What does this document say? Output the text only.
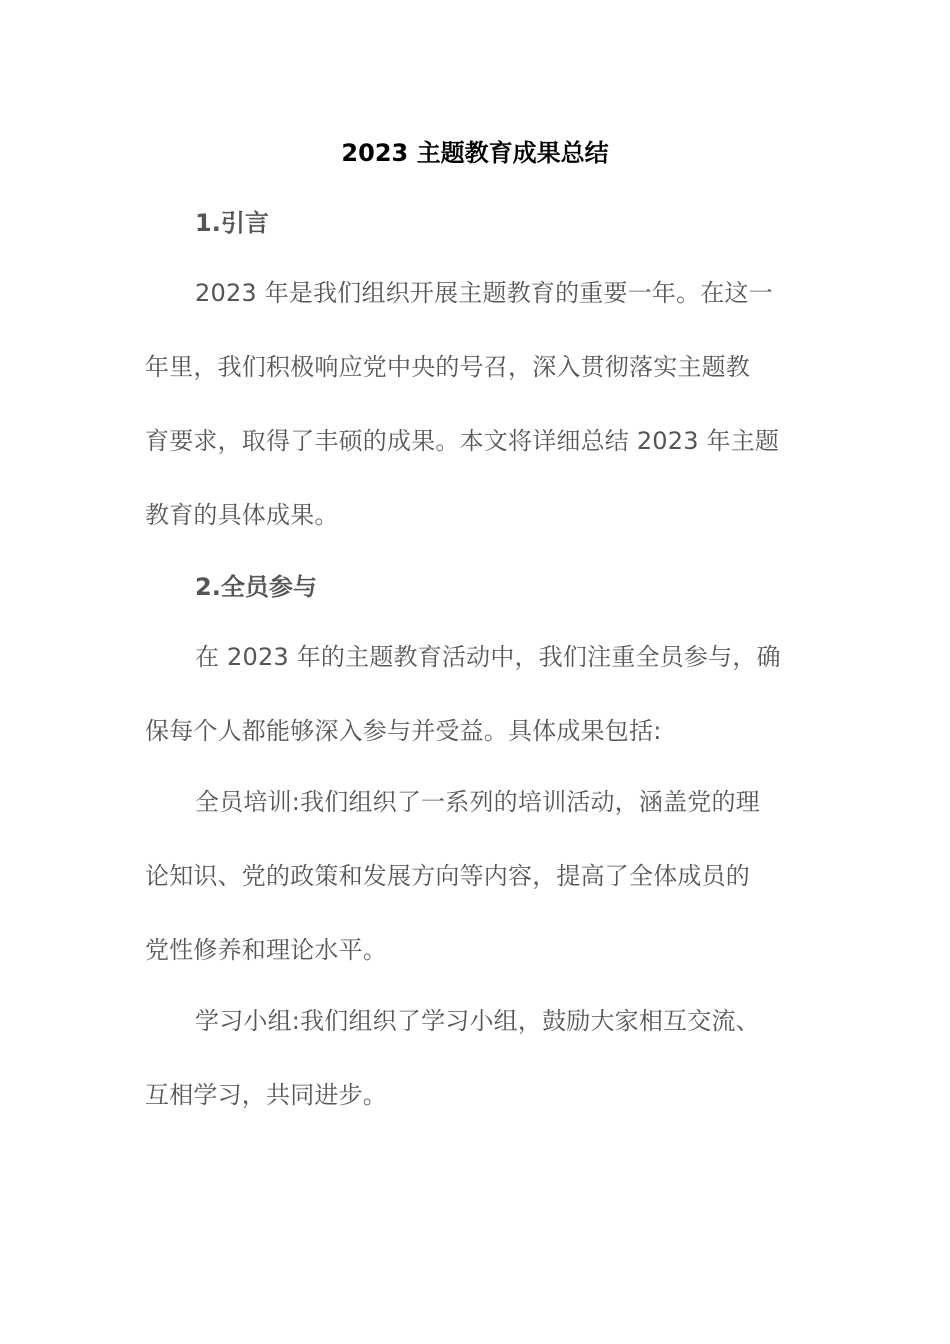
2023 主题教育成果总结
1.引言

2023 年是我们组织开展主题教育的重要一年。在这一
年里，我们积极响应党中央的号召，深入贯彻落实主题教
育要求，取得了丰硕的成果。本文将详细总结 2023 年主题
教育的具体成果。

2.全员参与

在 2023 年的主题教育活动中，我们注重全员参与，确
保每个人都能够深入参与并受益。具体成果包括:

全员培训:我们组织了一系列的培训活动，涵盖党的理
论知识、党的政策和发展方向等内容，提高了全体成员的
党性修养和理论水平。

学习小组:我们组织了学习小组，鼓励大家相互交流、
互相学习，共同进步。
